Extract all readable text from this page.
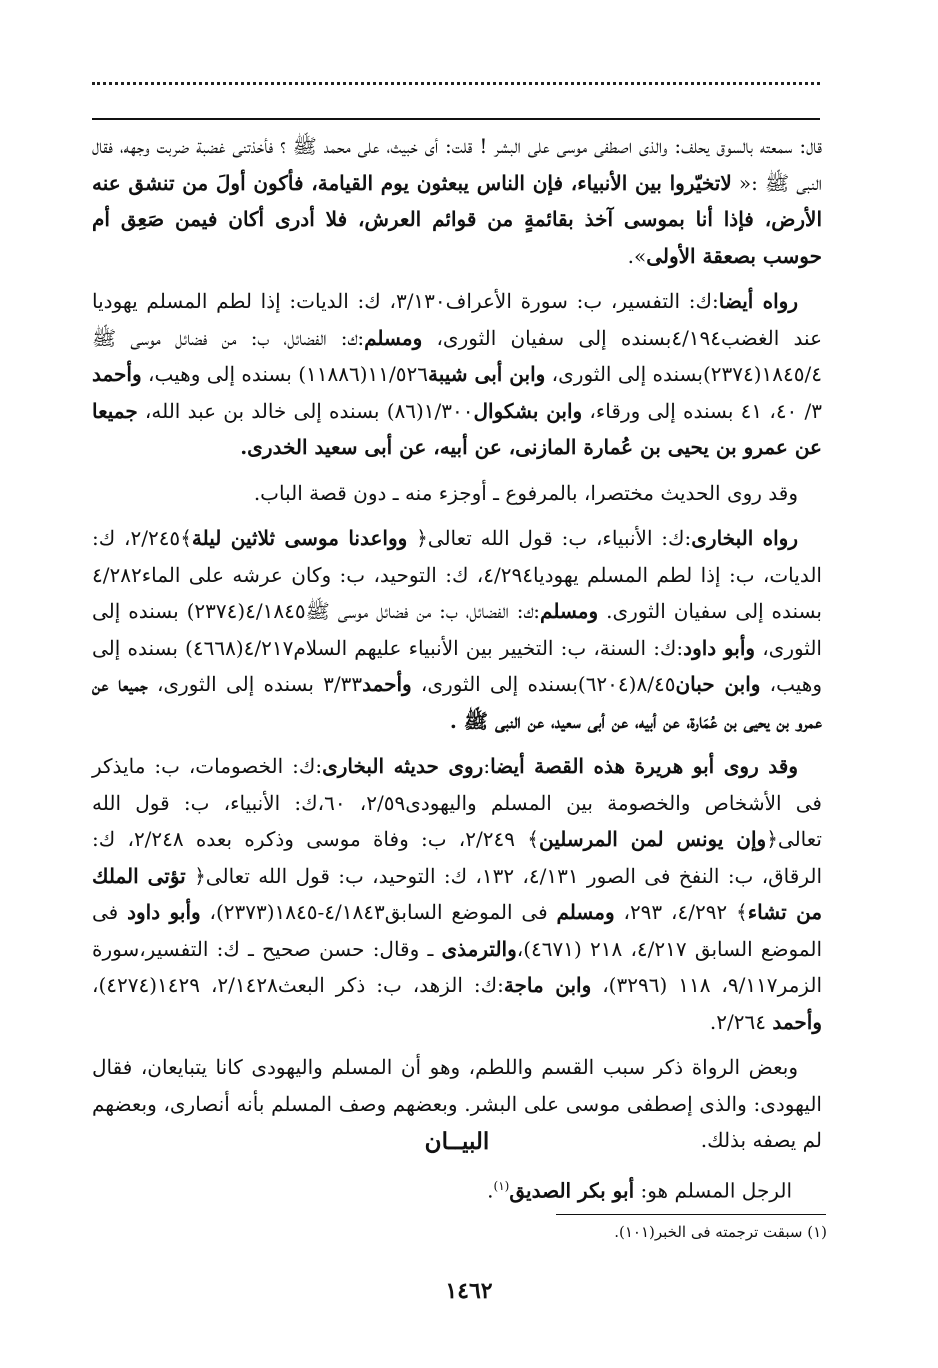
قال: سمعته بالسوق يحلف: والذى اصطفى موسى على البشر ! قلت: أى خبيث، على محمد ﷺ ؟ فأخذتنى غضبة ضربت وجهه، فقال النبى ﷺ :« لاتخيّروا بين الأنبياء، فإن الناس يبعثون يوم القيامة، فأكون أولَ من تنشق عنه الأرض، فإذا أنا بموسى آخذ بقائمةٍ من قوائم العرش، فلا أدرى أكان فيمن صَعِق أم حوسب بصعقة الأولى».

رواه أيضا:ك: التفسير، ب: سورة الأعراف٣/١٣٠، ك: الديات: إذا لطم المسلم يهوديا عند الغضب٤/١٩٤بسنده إلى سفيان الثورى، ومسلم:ك: الفضائل، ب: من فضائل موسى ﷺ ١٨٤٥/٤(٢٣٧٤)بسنده إلى الثورى، وابن أبى شيبة١١/٥٢٦(١١٨٨٦) بسنده إلى وهيب، وأحمد ٣/ ٤٠، ٤١ بسنده إلى ورقاء، وابن بشكوال١/٣٠٠(٨٦) بسنده إلى خالد بن عبد الله، جميعا عن عمرو بن يحيى بن عُمارة المازنى، عن أبيه، عن أبى سعيد الخدرى.

وقد روى الحديث مختصرا، بالمرفوع ـ أوجزء منه ـ دون قصة الباب.

رواه البخارى:ك: الأنبياء، ب: قول الله تعالى﴿ وواعدنا موسى ثلاثين ليلة﴾٢/٢٤٥، ك: الديات، ب: إذا لطم المسلم يهوديا٤/٢٩٤، ك: التوحيد، ب: وكان عرشه على الماء٤/٢٨٢ بسنده إلى سفيان الثورى. ومسلم:ك: الفضائل، ب: من فضائل موسى ﷺ٤/١٨٤٥(٢٣٧٤) بسنده إلى الثورى، وأبو داود:ك: السنة، ب: التخيير بين الأنبياء عليهم السلام٤/٢١٧(٤٦٦٨) بسنده إلى وهيب، وابن حبان٨/٤٥(٦٢٠٤)بسنده إلى الثورى، وأحمد٣/٣٣ بسنده إلى الثورى، جميعا عن عمرو بن يحيى بن عُمَارة، عن أبيه، عن أبى سعيد، عن النبى ﷺ .

وقد روى أبو هريرة هذه القصة أيضا:روى حديثه البخارى:ك: الخصومات، ب: مايذكر فى الأشخاص والخصومة بين المسلم واليهودى٢/٥٩، ٦٠،ك: الأنبياء، ب: قول الله تعالى﴿وإن يونس لمن المرسلين﴾ ٢/٢٤٩، ب: وفاة موسى وذكره بعده ٢/٢٤٨، ك: الرقاق، ب: النفخ فى الصور ٤/١٣١، ١٣٢، ك: التوحيد، ب: قول الله تعالى﴿ تؤتى الملك من تشاء﴾ ٤/٢٩٢، ٢٩٣، ومسلم فى الموضع السابق٤/١٨٤٣-١٨٤٥(٢٣٧٣)، وأبو داود فى الموضع السابق ٤/٢١٧، ٢١٨ (٤٦٧١)،والترمذى ـ وقال: حسن صحيح ـ ك: التفسير،سورة الزمر٩/١١٧، ١١٨ (٣٢٩٦)، وابن ماجة:ك: الزهد، ب: ذكر البعث٢/١٤٢٨، ١٤٢٩(٤٢٧٤)، وأحمد ٢/٢٦٤.

وبعض الرواة ذكر سبب القسم واللطم، وهو أن المسلم واليهودى كانا يتبايعان، فقال اليهودى: والذى إصطفى موسى على البشر. وبعضهم وصف المسلم بأنه أنصارى، وبعضهم لم يصفه بذلك.

البيــان
الرجل المسلم هو: أبو بكر الصديق$^{(١)}$.
(١) سبقت ترجمته فى الخبر(١٠١).
١٤٦٢
